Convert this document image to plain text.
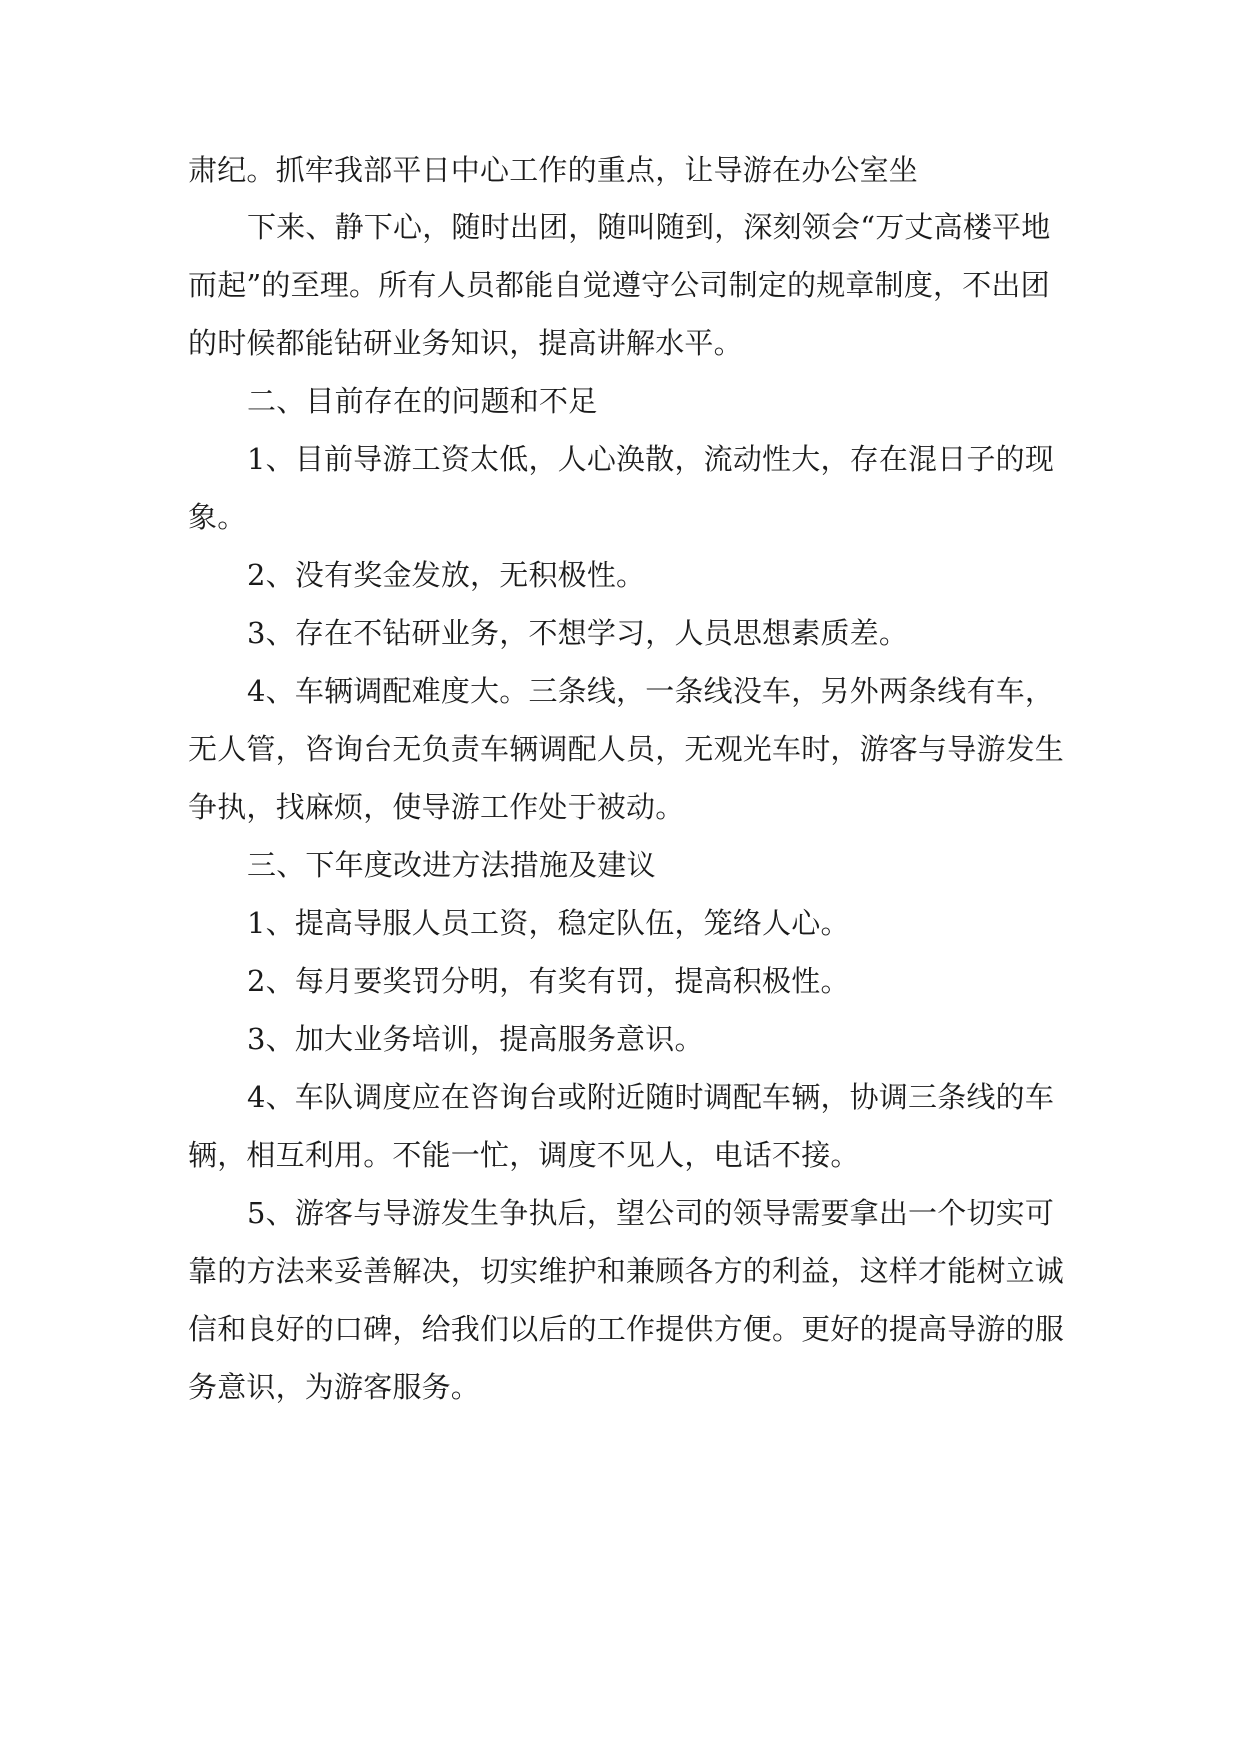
肃纪。抓牢我部平日中心工作的重点，让导游在办公室坐
下来、静下心，随时出团，随叫随到，深刻领会“万丈高楼平地
而起”的至理。所有人员都能自觉遵守公司制定的规章制度，不出团
的时候都能钻研业务知识，提高讲解水平。
二、目前存在的问题和不足
1、目前导游工资太低，人心涣散，流动性大，存在混日子的现
象。
2、没有奖金发放，无积极性。
3、存在不钻研业务，不想学习，人员思想素质差。
4、车辆调配难度大。三条线，一条线没车，另外两条线有车，
无人管，咨询台无负责车辆调配人员，无观光车时，游客与导游发生
争执，找麻烦，使导游工作处于被动。
三、下年度改进方法措施及建议
1、提高导服人员工资，稳定队伍，笼络人心。
2、每月要奖罚分明，有奖有罚，提高积极性。
3、加大业务培训，提高服务意识。
4、车队调度应在咨询台或附近随时调配车辆，协调三条线的车
辆，相互利用。不能一忙，调度不见人，电话不接。
5、游客与导游发生争执后，望公司的领导需要拿出一个切实可
靠的方法来妥善解决，切实维护和兼顾各方的利益，这样才能树立诚
信和良好的口碑，给我们以后的工作提供方便。更好的提高导游的服
务意识，为游客服务。
